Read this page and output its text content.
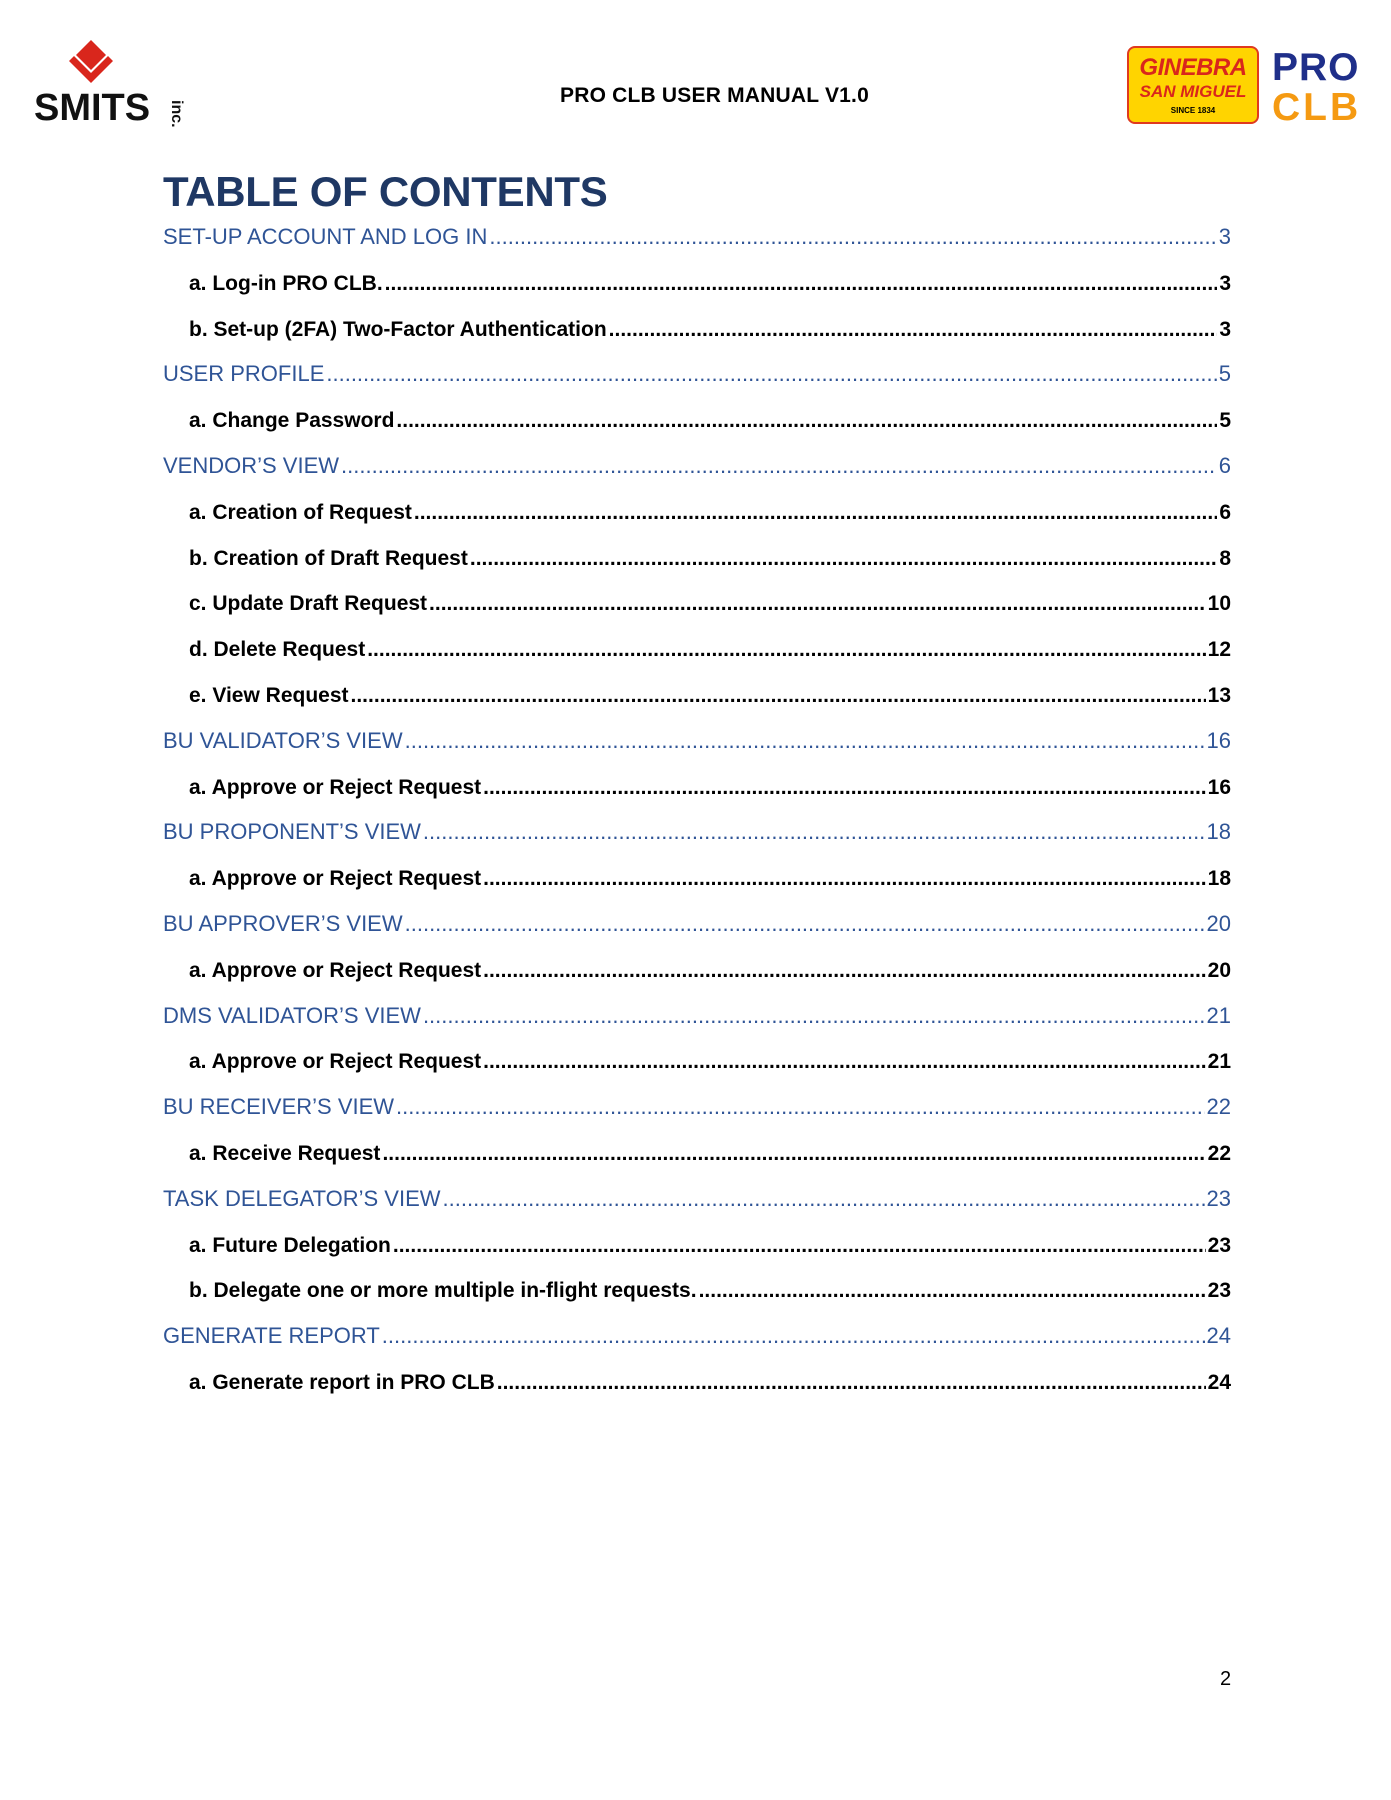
SMITS inc.
PRO CLB USER MANUAL V1.0
GINEBRA
SAN MIGUEL
SINCE 1834
PRO
CLB
TABLE OF CONTENTS
SET-UP ACCOUNT AND LOG IN .....	3
a. Log-in PRO CLB. .....	3
b. Set-up (2FA) Two-Factor Authentication .....	3
USER PROFILE .....	5
a. Change Password .....	5
VENDOR’S VIEW .....	6
a. Creation of Request .....	6
b. Creation of Draft Request .....	8
c. Update Draft Request .....	10
d. Delete Request .....	12
e. View Request .....	13
BU VALIDATOR’S VIEW .....	16
a. Approve or Reject Request .....	16
BU PROPONENT’S VIEW .....	18
a. Approve or Reject Request .....	18
BU APPROVER’S VIEW .....	20
a. Approve or Reject Request .....	20
DMS VALIDATOR’S VIEW .....	21
a. Approve or Reject Request .....	21
BU RECEIVER’S VIEW .....	22
a. Receive Request .....	22
TASK DELEGATOR’S VIEW .....	23
a. Future Delegation .....	23
b. Delegate one or more multiple in-flight requests. .....	23
GENERATE REPORT .....	24
a. Generate report in PRO CLB .....	24
2
